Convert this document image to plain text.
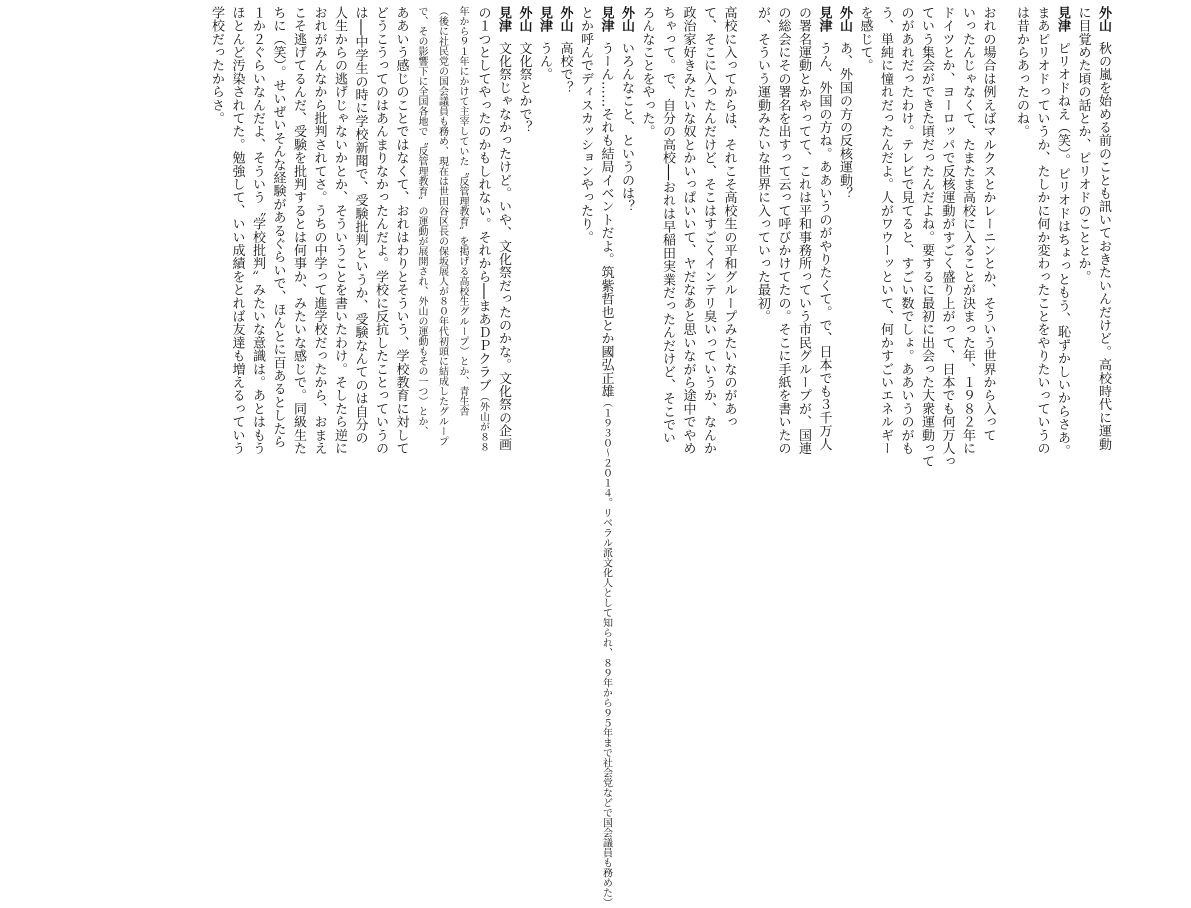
外山秋の嵐を始める前のことも訊いておきたいんだけど。高校時代に運動
に目覚めた頃の話とか、ピリオドのこととか。
見津ピリオドねえ（笑）。ピリオドはちょっともう、恥ずかしいからさあ。
まあピリオドっていうか、たしかに何か変わったことをやりたいっていうの
は昔からあったのね。
おれの場合は例えばマルクスとかレーニンとか、そういう世界から入って
いったんじゃなくて、たまたま高校に入ることが決まった年、１９８２年に
ドイツとか、ヨーロッパで反核運動がすごく盛り上がって、日本でも何万人っ
ていう集会ができた頃だったんだよね。要するに最初に出会った大衆運動って
のがあれだったわけ。テレビで見てると、すごい数でしょ。ああいうのがも
う、単純に憧れだったんだよ。人がワウーッといて、何かすごいエネルギー
を感じて。
外山あ、外国の方の反核運動？
見津うん、外国の方ね。ああいうのがやりたくて。で、日本でも３千万人
の署名運動とかやってて、これは平和事務所っていう市民グループが、国連
の総会にその署名を出すって云って呼びかけてたの。そこに手紙を書いたの
が、そういう運動みたいな世界に入っていった最初。
高校に入ってからは、それこそ高校生の平和グループみたいなのがあっ
て、そこに入ったんだけど、そこはすごくインテリ臭いっていうか、なんか
政治家好きみたいな奴とかいっぱいいて、ヤだなあと思いながら途中でやめ
ちゃって。で、自分の高校──おれは早稲田実業だったんだけど、そこでい
ろんなことをやった。
外山いろんなこと、というのは？
見津うーん……それも結局イベントだよ。筑紫哲也とか國弘正雄（１９３０〜２０１４。リベラル派文化人として知られ、８９年から９５年まで社会党などで国会議員も務めた）
とか呼んでディスカッションやったり。
外山高校で？
見津うん。
外山文化祭とかで？
見津文化祭じゃなかったけど。いや、文化祭だったのかな。文化祭の企画
の１つとしてやったのかもしれない。それから──まあＤＰクラブ（外山が８８
年から９１年にかけて主宰していた〝反管理教育〟を掲げる高校生グループ）とか、青生舎
（後に社民党の国会議員も務め、現在は世田谷区長の保坂展人が８０年代初頭に結成したグループ
で、その影響下に全国各地で〝反管理教育〟の運動が展開され、外山の運動もその一つ）とか、
ああいう感じのことではなくて、おれはわりとそういう、学校教育に対して
どうこうってのはあんまりなかったんだよ。学校に反抗したことっていうの
は──中学生の時に学校新聞で、受験批判というか、受験なんてのは自分の
人生からの逃げじゃないかとか、そういうことを書いたわけ。そしたら逆に
おれがみんなから批判されてさ。うちの中学って進学校だったから、おまえ
こそ逃げてるんだ、受験を批判するとは何事か、みたいな感じで。同級生た
ちに（笑）。せいぜいそんな経験があるぐらいで、ほんとに百あるとしたら
１か２ぐらいなんだよ、そういう〝学校批判〟みたいな意識は。あとはもう
ほとんど汚染されてた。勉強して、いい成績をとれば友達も増えるっていう
学校だったからさ。
